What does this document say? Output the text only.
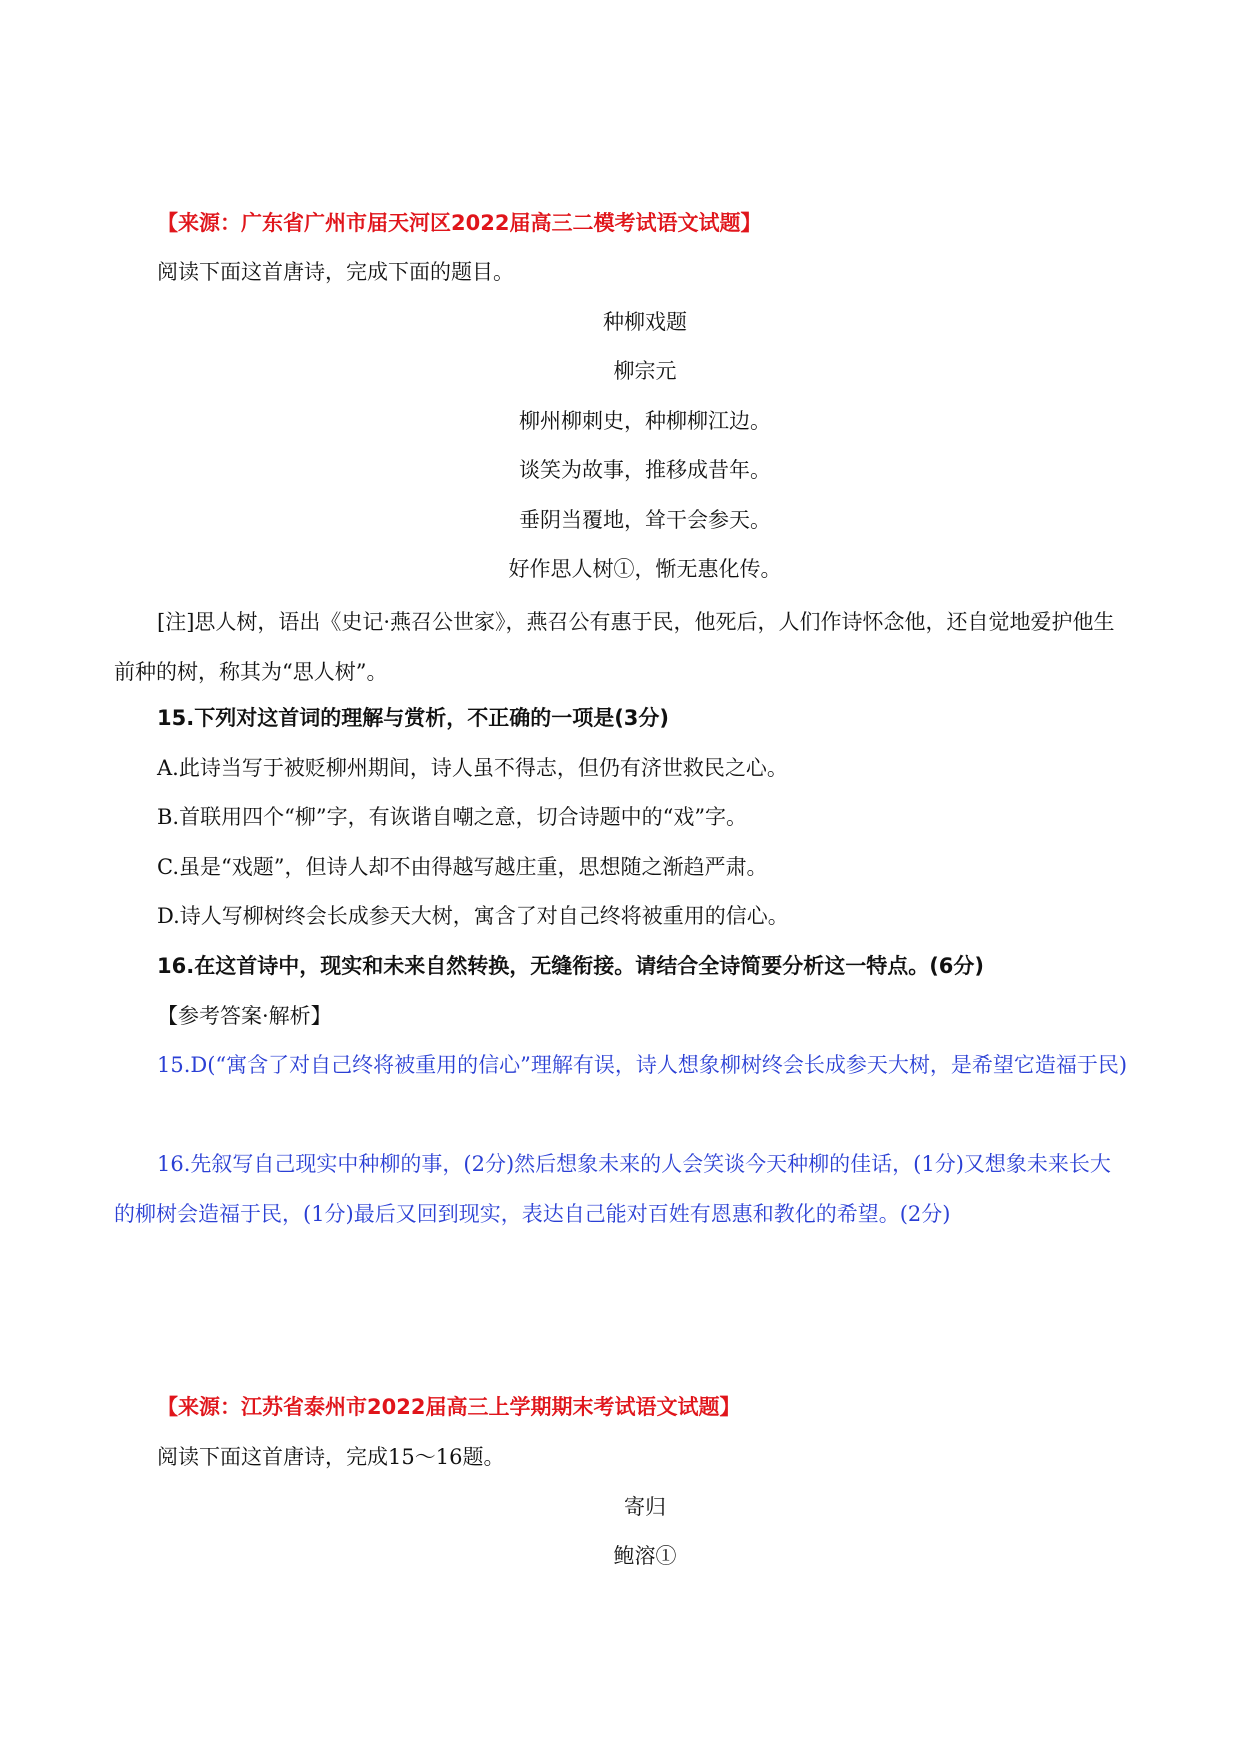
【来源：广东省广州市届天河区2022届高三二模考试语文试题】
阅读下面这首唐诗，完成下面的题目。
种柳戏题
柳宗元
柳州柳刺史，种柳柳江边。
谈笑为故事，推移成昔年。
垂阴当覆地，耸干会参天。
好作思人树①，惭无惠化传。
[注]思人树，语出《史记·燕召公世家》，燕召公有惠于民，他死后，人们作诗怀念他，还自觉地爱护他生前种的树，称其为“思人树”。
15.下列对这首词的理解与赏析，不正确的一项是(3分)
A.此诗当写于被贬柳州期间，诗人虽不得志，但仍有济世救民之心。
B.首联用四个“柳”字，有诙谐自嘲之意，切合诗题中的“戏”字。
C.虽是“戏题”，但诗人却不由得越写越庄重，思想随之渐趋严肃。
D.诗人写柳树终会长成参天大树，寓含了对自己终将被重用的信心。
16.在这首诗中，现实和未来自然转换，无缝衔接。请结合全诗简要分析这一特点。(6分)
【参考答案·解析】
15.D(“寓含了对自己终将被重用的信心”理解有误，诗人想象柳树终会长成参天大树，是希望它造福于民)
16.先叙写自己现实中种柳的事，(2分)然后想象未来的人会笑谈今天种柳的佳话，(1分)又想象未来长大的柳树会造福于民，(1分)最后又回到现实，表达自己能对百姓有恩惠和教化的希望。(2分)
【来源：江苏省泰州市2022届高三上学期期末考试语文试题】
阅读下面这首唐诗，完成15～16题。
寄归
鲍溶①
